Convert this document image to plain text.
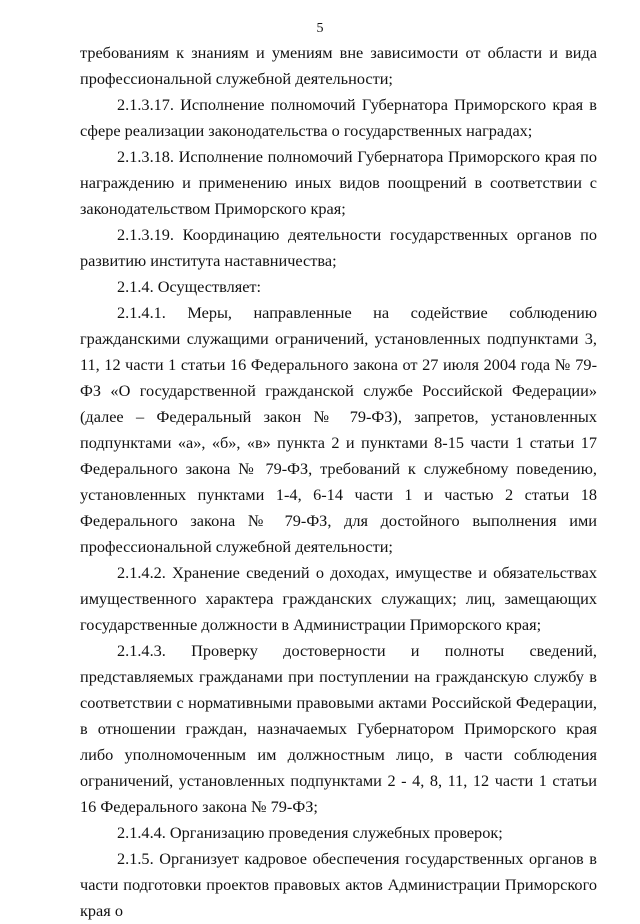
5

требованиям к знаниям и умениям вне зависимости от области и вида профессиональной служебной деятельности;

2.1.3.17. Исполнение полномочий Губернатора Приморского края в сфере реализации законодательства о государственных наградах;

2.1.3.18. Исполнение полномочий Губернатора Приморского края по награждению и применению иных видов поощрений в соответствии с законодательством Приморского края;

2.1.3.19. Координацию деятельности государственных органов по развитию института наставничества;

2.1.4. Осуществляет:

2.1.4.1. Меры, направленные на содействие соблюдению гражданскими служащими ограничений, установленных подпунктами 3, 11, 12 части 1 статьи 16 Федерального закона от 27 июля 2004 года № 79-ФЗ «О государственной гражданской службе Российской Федерации» (далее – Федеральный закон № 79-ФЗ), запретов, установленных подпунктами «а», «б», «в» пункта 2 и пунктами 8-15 части 1 статьи 17 Федерального закона № 79-ФЗ, требований к служебному поведению, установленных пунктами 1-4, 6-14 части 1 и частью 2 статьи 18 Федерального закона № 79-ФЗ, для достойного выполнения ими профессиональной служебной деятельности;

2.1.4.2. Хранение сведений о доходах, имуществе и обязательствах имущественного характера гражданских служащих; лиц, замещающих государственные должности в Администрации Приморского края;

2.1.4.3. Проверку достоверности и полноты сведений, представляемых гражданами при поступлении на гражданскую службу в соответствии с нормативными правовыми актами Российской Федерации, в отношении граждан, назначаемых Губернатором Приморского края либо уполномоченным им должностным лицо, в части соблюдения ограничений, установленных подпунктами 2 - 4, 8, 11, 12 части 1 статьи 16 Федерального закона № 79-ФЗ;

2.1.4.4. Организацию проведения служебных проверок;

2.1.5. Организует кадровое обеспечения государственных органов в части подготовки проектов правовых актов Администрации Приморского края о
